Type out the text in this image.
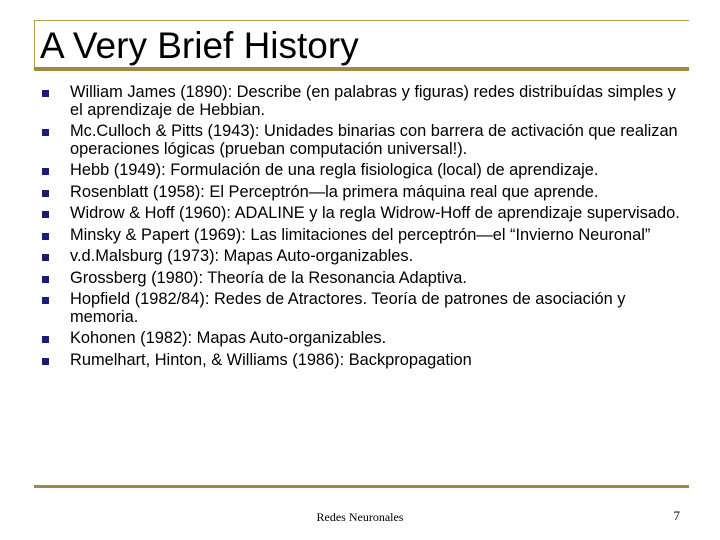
A Very Brief History
William James (1890): Describe (en palabras y figuras) redes distribuídas simples y el aprendizaje de Hebbian.
Mc.Culloch & Pitts (1943): Unidades binarias con barrera de activación que realizan operaciones lógicas (prueban computación universal!).
Hebb (1949): Formulación de una regla fisiologica (local) de aprendizaje.
Rosenblatt (1958): El Perceptrón—la primera máquina real que aprende.
Widrow & Hoff (1960): ADALINE y la regla Widrow-Hoff de aprendizaje supervisado.
Minsky & Papert (1969): Las limitaciones del perceptrón—el “Invierno Neuronal”
v.d.Malsburg (1973): Mapas Auto-organizables.
Grossberg (1980): Theoría de la Resonancia Adaptiva.
Hopfield (1982/84): Redes de Atractores. Teoría de patrones de asociación y memoria.
Kohonen (1982): Mapas Auto-organizables.
Rumelhart, Hinton, & Williams (1986): Backpropagation
Redes Neuronales	7
